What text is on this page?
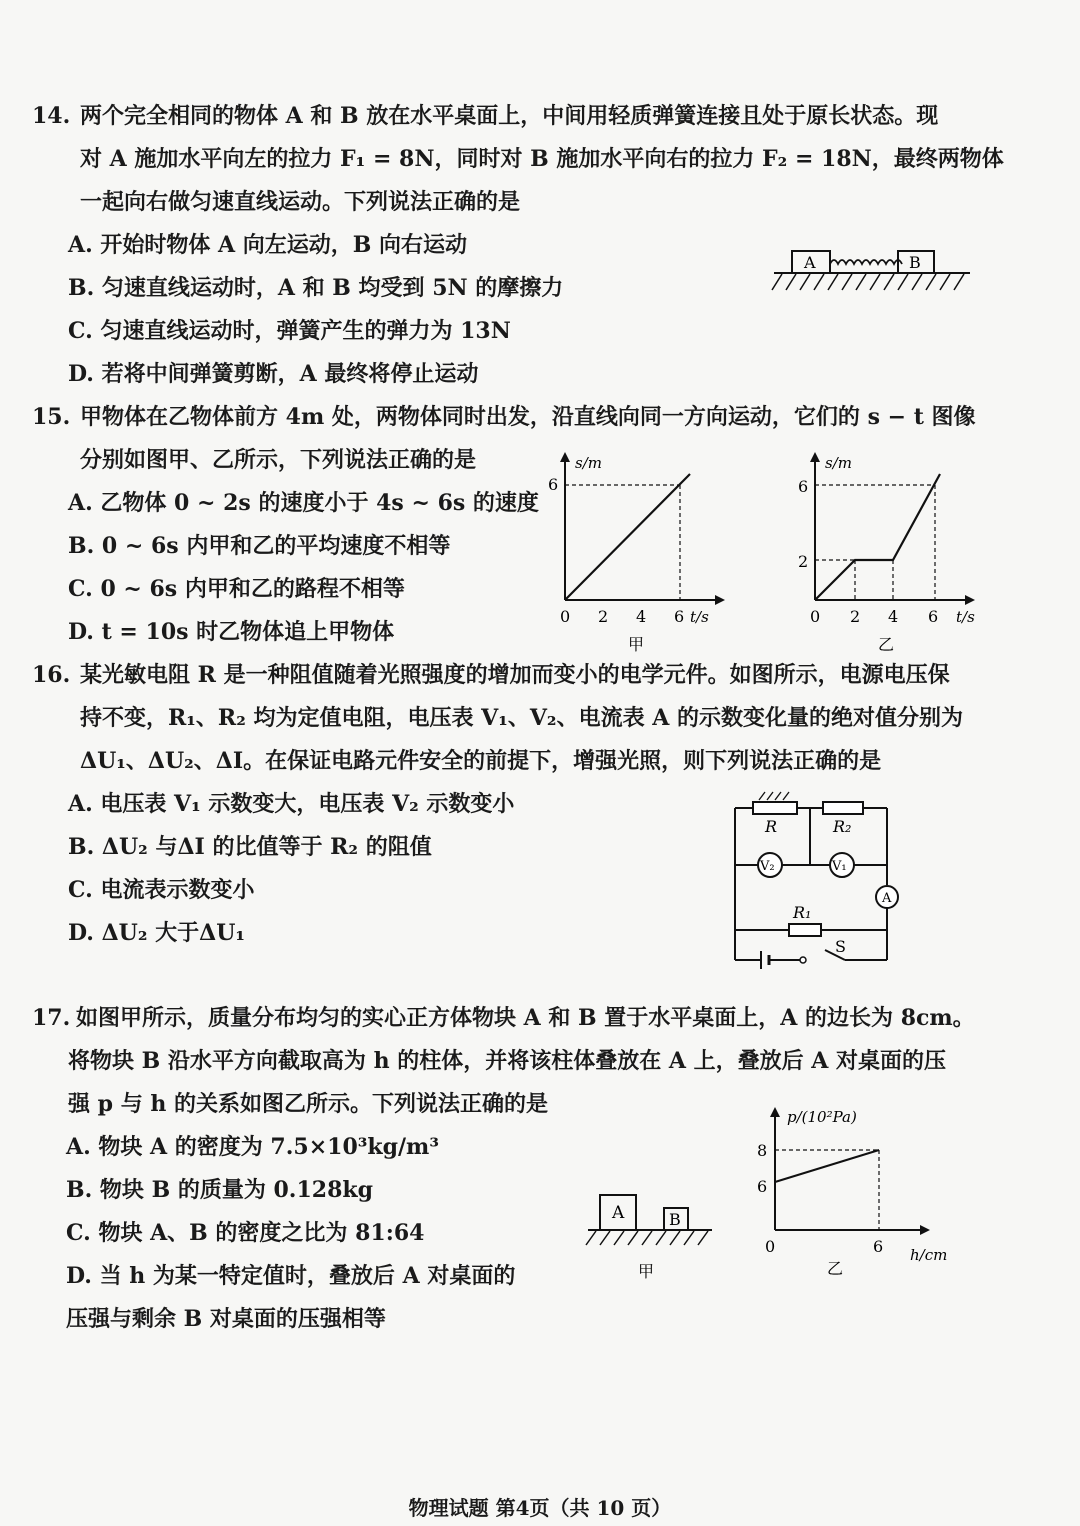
14. 两个完全相同的物体 A 和 B 放在水平桌面上，中间用轻质弹簧连接且处于原长状态。现
对 A 施加水平向左的拉力 F₁ = 8N，同时对 B 施加水平向右的拉力 F₂ = 18N，最终两物体
一起向右做匀速直线运动。下列说法正确的是
A. 开始时物体 A 向左运动，B 向右运动
B. 匀速直线运动时，A 和 B 均受到 5N 的摩擦力
C. 匀速直线运动时，弹簧产生的弹力为 13N
D. 若将中间弹簧剪断，A 最终将停止运动
A	B
15. 甲物体在乙物体前方 4m 处，两物体同时出发，沿直线向同一方向运动，它们的 s − t 图像
分别如图甲、乙所示，下列说法正确的是
A. 乙物体 0 ~ 2s 的速度小于 4s ~ 6s 的速度
B. 0 ~ 6s 内甲和乙的平均速度不相等
C. 0 ~ 6s 内甲和乙的路程不相等
D. t = 10s 时乙物体追上甲物体
s/m
6
0 2 4 6 t/s
甲
s/m
6
2
0 2 4 6 t/s
乙
16. 某光敏电阻 R 是一种阻值随着光照强度的增加而变小的电学元件。如图所示，电源电压保
持不变，R₁、R₂ 均为定值电阻，电压表 V₁、V₂、电流表 A 的示数变化量的绝对值分别为
ΔU₁、ΔU₂、ΔI。在保证电路元件安全的前提下，增强光照，则下列说法正确的是
A. 电压表 V₁ 示数变大，电压表 V₂ 示数变小
B. ΔU₂ 与ΔI 的比值等于 R₂ 的阻值
C. 电流表示数变小
D. ΔU₂ 大于ΔU₁
R	R₂
V₂	V₁
A
R₁
S
17. 如图甲所示，质量分布均匀的实心正方体物块 A 和 B 置于水平桌面上，A 的边长为 8cm。
将物块 B 沿水平方向截取高为 h 的柱体，并将该柱体叠放在 A 上，叠放后 A 对桌面的压
强 p 与 h 的关系如图乙所示。下列说法正确的是
A. 物块 A 的密度为 7.5×10³kg/m³
B. 物块 B 的质量为 0.128kg
C. 物块 A、B 的密度之比为 81:64
D. 当 h 为某一特定值时，叠放后 A 对桌面的
压强与剩余 B 对桌面的压强相等
A	B
甲
p/(10²Pa)
8
6
0	6 h/cm
乙
物理试题 第4页（共 10 页）
